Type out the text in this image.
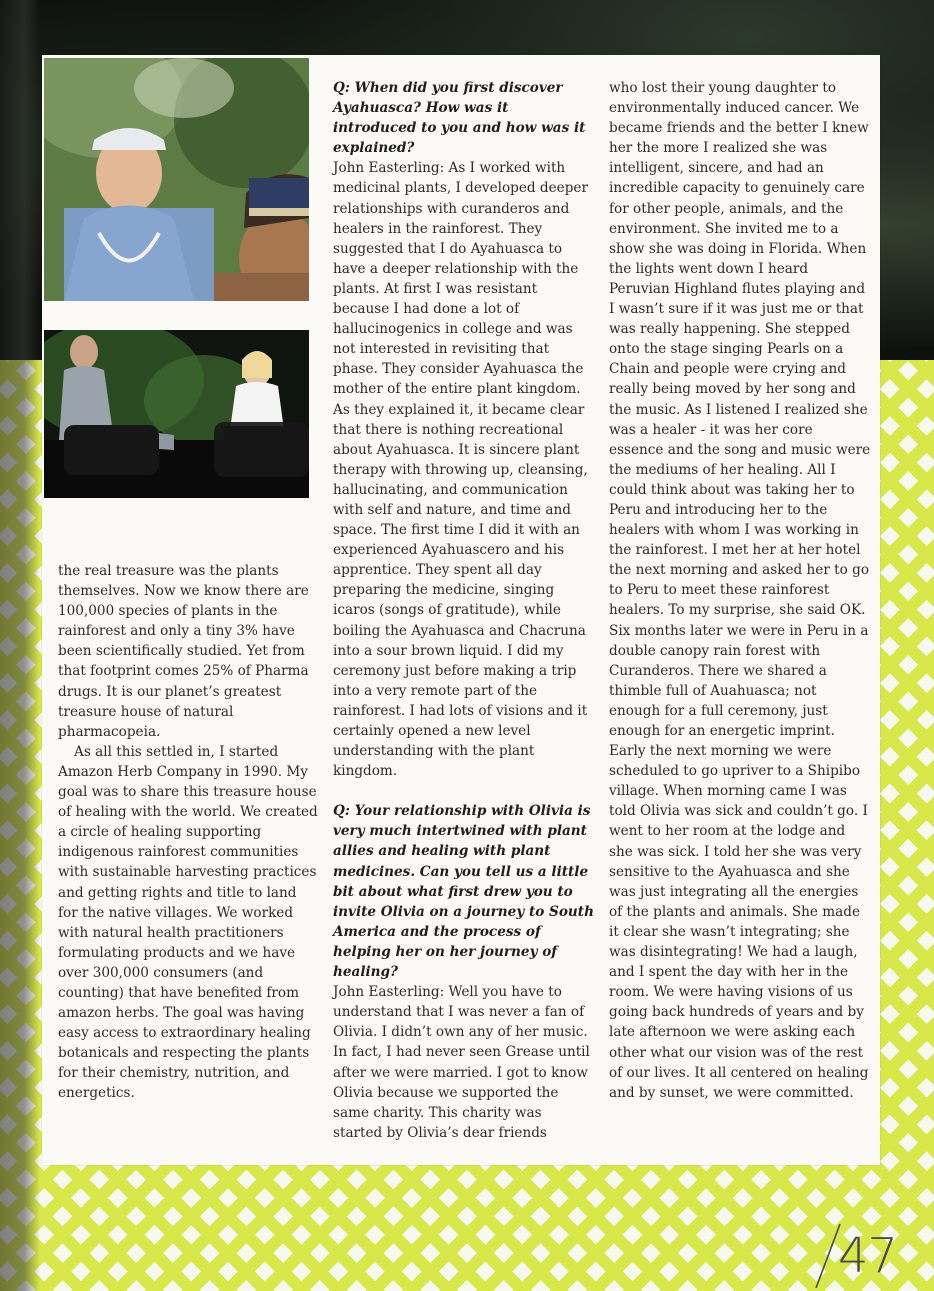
the real treasure was the plants themselves. Now we know there are 100,000 species of plants in the rainforest and only a tiny 3% have been scientifically studied. Yet from that footprint comes 25% of Pharma drugs. It is our planet’s greatest treasure house of natural pharmacopeia.

As all this settled in, I started Amazon Herb Company in 1990. My goal was to share this treasure house of healing with the world. We created a circle of healing supporting indigenous rainforest communities with sustainable harvesting practices and getting rights and title to land for the native villages. We worked with natural health practitioners formulating products and we have over 300,000 consumers (and counting) that have benefited from amazon herbs. The goal was having easy access to extraordinary healing botanicals and respecting the plants for their chemistry, nutrition, and energetics.

Q: When did you first discover Ayahuasca? How was it introduced to you and how was it explained?

John Easterling: As I worked with medicinal plants, I developed deeper relationships with curanderos and healers in the rainforest. They suggested that I do Ayahuasca to have a deeper relationship with the plants. At first I was resistant because I had done a lot of hallucinogenics in college and was not interested in revisiting that phase. They consider Ayahuasca the mother of the entire plant kingdom. As they explained it, it became clear that there is nothing recreational about Ayahuasca. It is sincere plant therapy with throwing up, cleansing, hallucinating, and communication with self and nature, and time and space. The first time I did it with an experienced Ayahuascero and his apprentice. They spent all day preparing the medicine, singing icaros (songs of gratitude), while boiling the Ayahuasca and Chacruna into a sour brown liquid. I did my ceremony just before making a trip into a very remote part of the rainforest. I had lots of visions and it certainly opened a new level understanding with the plant kingdom.

Q: Your relationship with Olivia is very much intertwined with plant allies and healing with plant medicines. Can you tell us a little bit about what first drew you to invite Olivia on a journey to South America and the process of helping her on her journey of healing?

John Easterling: Well you have to understand that I was never a fan of Olivia. I didn’t own any of her music. In fact, I had never seen Grease until after we were married. I got to know Olivia because we supported the same charity. This charity was started by Olivia’s dear friends

who lost their young daughter to environmentally induced cancer. We became friends and the better I knew her the more I realized she was intelligent, sincere, and had an incredible capacity to genuinely care for other people, animals, and the environment. She invited me to a show she was doing in Florida. When the lights went down I heard Peruvian Highland flutes playing and I wasn’t sure if it was just me or that was really happening. She stepped onto the stage singing Pearls on a Chain and people were crying and really being moved by her song and the music. As I listened I realized she was a healer - it was her core essence and the song and music were the mediums of her healing. All I could think about was taking her to Peru and introducing her to the healers with whom I was working in the rainforest. I met her at her hotel the next morning and asked her to go to Peru to meet these rainforest healers. To my surprise, she said OK. Six months later we were in Peru in a double canopy rain forest with Curanderos. There we shared a thimble full of Auahuasca; not enough for a full ceremony, just enough for an energetic imprint. Early the next morning we were scheduled to go upriver to a Shipibo village. When morning came I was told Olivia was sick and couldn’t go. I went to her room at the lodge and she was sick. I told her she was very sensitive to the Ayahuasca and she was just integrating all the energies of the plants and animals. She made it clear she wasn’t integrating; she was disintegrating! We had a laugh, and I spent the day with her in the room. We were having visions of us going back hundreds of years and by late afternoon we were asking each other what our vision was of the rest of our lives. It all centered on healing and by sunset, we were committed.

47
